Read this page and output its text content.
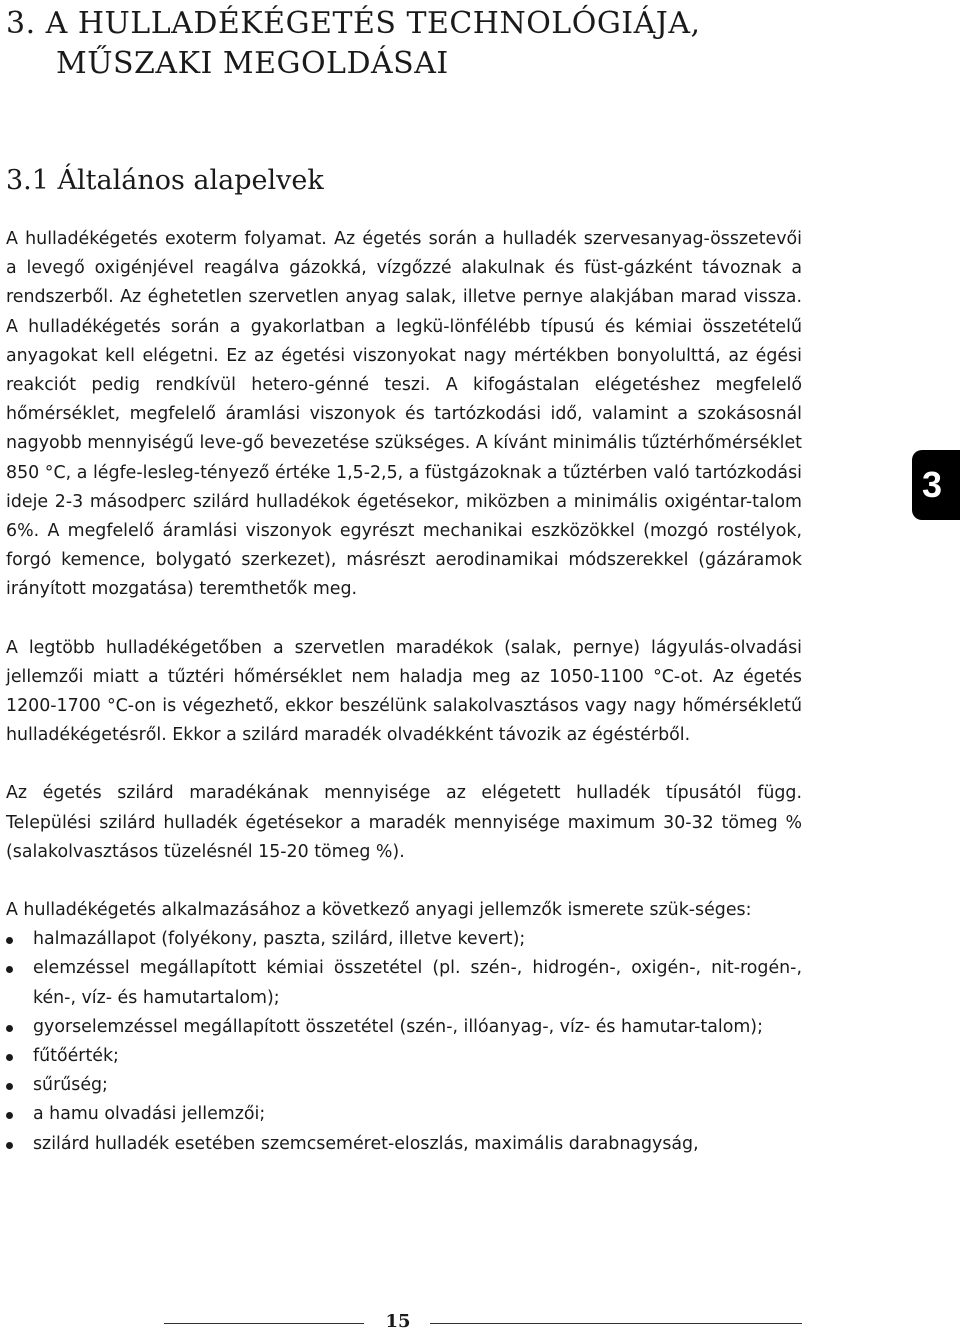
3. A HULLADÉKÉGETÉS TECHNOLÓGIÁJA,
MŰSZAKI MEGOLDÁSAI
3.1 Általános alapelvek

A hulladékégetés exoterm folyamat. Az égetés során a hulladék szervesanyag-összetevői a levegő oxigénjével reagálva gázokká, vízgőzzé alakulnak és füst-gázként távoznak a rendszerből. Az éghetetlen szervetlen anyag salak, illetve pernye alakjában marad vissza. A hulladékégetés során a gyakorlatban a legkü-lönfélébb típusú és kémiai összetételű anyagokat kell elégetni. Ez az égetési viszonyokat nagy mértékben bonyolulttá, az égési reakciót pedig rendkívül hetero-génné teszi. A kifogástalan elégetéshez megfelelő hőmérséklet, megfelelő áramlási viszonyok és tartózkodási idő, valamint a szokásosnál nagyobb mennyiségű leve-gő bevezetése szükséges. A kívánt minimális tűztérhőmérséklet 850 °C, a légfe-lesleg-tényező értéke 1,5-2,5, a füstgázoknak a tűztérben való tartózkodási ideje 2-3 másodperc szilárd hulladékok égetésekor, miközben a minimális oxigéntar-talom 6%. A megfelelő áramlási viszonyok egyrészt mechanikai eszközökkel (mozgó rostélyok, forgó kemence, bolygató szerkezet), másrészt aerodinamikai módszerekkel (gázáramok irányított mozgatása) teremthetők meg.

A legtöbb hulladékégetőben a szervetlen maradékok (salak, pernye) lágyulás-olvadási jellemzői miatt a tűztéri hőmérséklet nem haladja meg az 1050-1100 °C-ot. Az égetés 1200-1700 °C-on is végezhető, ekkor beszélünk salakolvasztásos vagy nagy hőmérsékletű hulladékégetésről. Ekkor a szilárd maradék olvadékként távozik az égéstérből.

Az égetés szilárd maradékának mennyisége az elégetett hulladék típusától függ. Települési szilárd hulladék égetésekor a maradék mennyisége maximum 30-32 tömeg % (salakolvasztásos tüzelésnél 15-20 tömeg %).

A hulladékégetés alkalmazásához a következő anyagi jellemzők ismerete szük-séges:

halmazállapot (folyékony, paszta, szilárd, illetve kevert);
elemzéssel megállapított kémiai összetétel (pl. szén-, hidrogén-, oxigén-, nit-rogén-, kén-, víz- és hamutartalom);
gyorselemzéssel megállapított összetétel (szén-, illóanyag-, víz- és hamutar-talom);
fűtőérték;
sűrűség;
a hamu olvadási jellemzői;
szilárd hulladék esetében szemcseméret-eloszlás, maximális darabnagyság,
3
15
